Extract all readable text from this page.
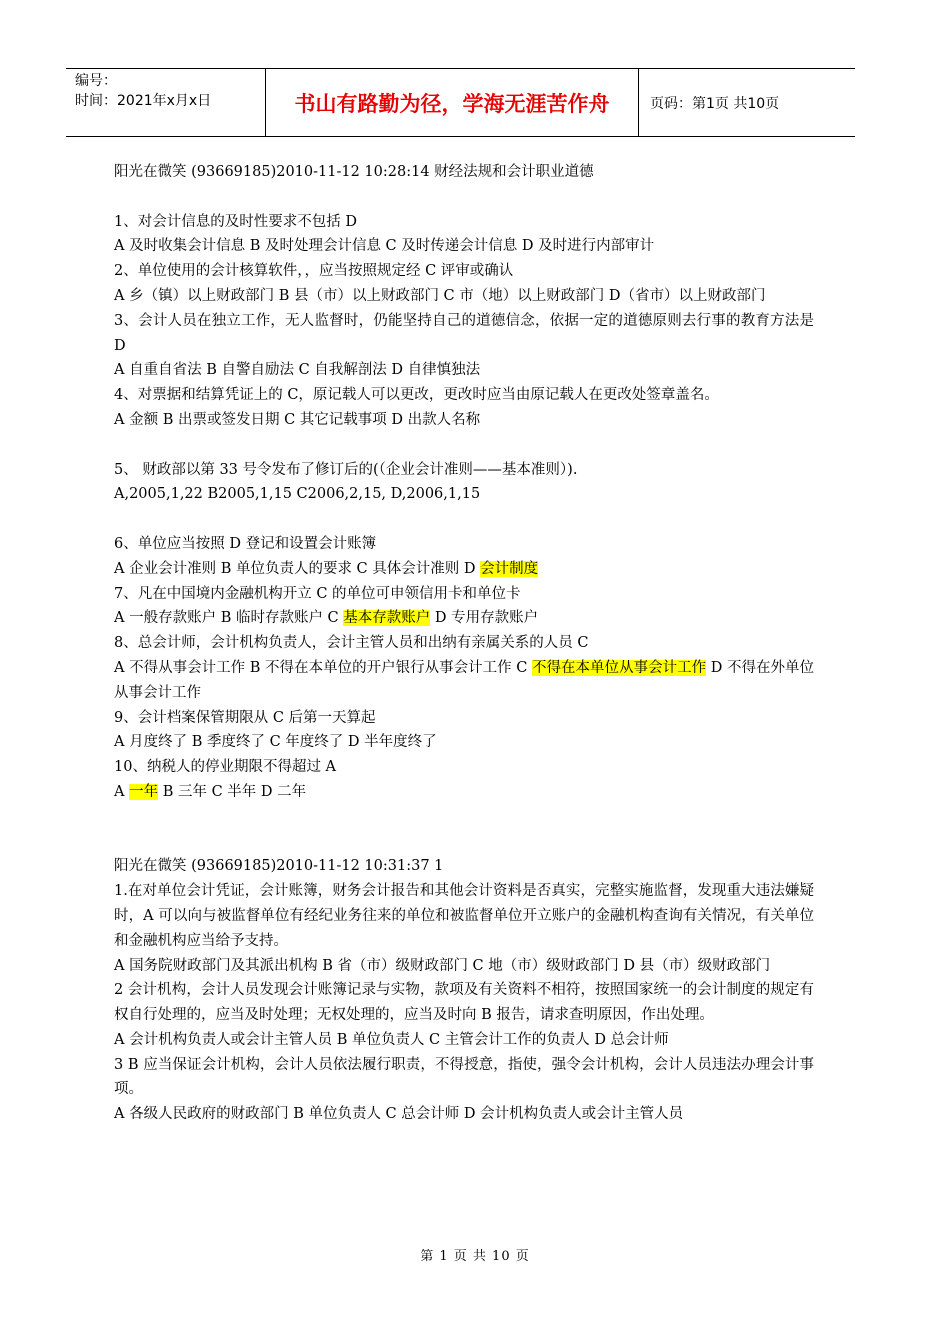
编号：
时间：2021年x月x日	书山有路勤为径，学海无涯苦作舟	页码：第1页 共10页

阳光在微笑 (93669185)2010-11-12 10:28:14 财经法规和会计职业道德

1、对会计信息的及时性要求不包括 D

A 及时收集会计信息 B 及时处理会计信息 C 及时传递会计信息 D 及时进行内部审计

2、单位使用的会计核算软件，，应当按照规定经 C 评审或确认

A 乡（镇）以上财政部门 B 县（市）以上财政部门 C 市（地）以上财政部门 D（省市）以上财政部门

3、会计人员在独立工作，无人监督时，仍能坚持自己的道德信念，依据一定的道德原则去行事的教育方法是 D

A 自重自省法 B 自警自励法 C 自我解剖法 D 自律慎独法

4、对票据和结算凭证上的 C，原记载人可以更改，更改时应当由原记载人在更改处签章盖名。

A 金额 B 出票或签发日期 C 其它记载事项 D 出款人名称

5、 财政部以第 33 号令发布了修订后的(（企业会计准则——基本准则）).

A,2005,1,22 B2005,1,15 C2006,2,15, D,2006,1,15

6、单位应当按照 D 登记和设置会计账簿

A 企业会计准则 B 单位负责人的要求 C 具体会计准则 D 会计制度

7、凡在中国境内金融机构开立 C 的单位可申领信用卡和单位卡

A 一般存款账户 B 临时存款账户 C 基本存款账户 D 专用存款账户

8、总会计师，会计机构负责人，会计主管人员和出纳有亲属关系的人员 C

A 不得从事会计工作 B 不得在本单位的开户银行从事会计工作 C 不得在本单位从事会计工作 D 不得在外单位从事会计工作

9、会计档案保管期限从 C 后第一天算起

A 月度终了 B 季度终了 C 年度终了 D 半年度终了

10、纳税人的停业期限不得超过 A

A 一年 B 三年 C 半年 D 二年

阳光在微笑 (93669185)2010-11-12 10:31:37 1

1.在对单位会计凭证，会计账簿，财务会计报告和其他会计资料是否真实，完整实施监督，发现重大违法嫌疑时，A 可以向与被监督单位有经纪业务往来的单位和被监督单位开立账户的金融机构查询有关情况，有关单位和金融机构应当给予支持。

A 国务院财政部门及其派出机构 B 省（市）级财政部门 C 地（市）级财政部门 D 县（市）级财政部门

2 会计机构，会计人员发现会计账簿记录与实物，款项及有关资料不相符，按照国家统一的会计制度的规定有权自行处理的，应当及时处理；无权处理的，应当及时向 B 报告，请求查明原因，作出处理。

A 会计机构负责人或会计主管人员 B 单位负责人 C 主管会计工作的负责人 D 总会计师

3 B 应当保证会计机构，会计人员依法履行职责，不得授意，指使，强令会计机构，会计人员违法办理会计事项。

A 各级人民政府的财政部门 B 单位负责人 C 总会计师 D 会计机构负责人或会计主管人员

第 1 页 共 10 页
